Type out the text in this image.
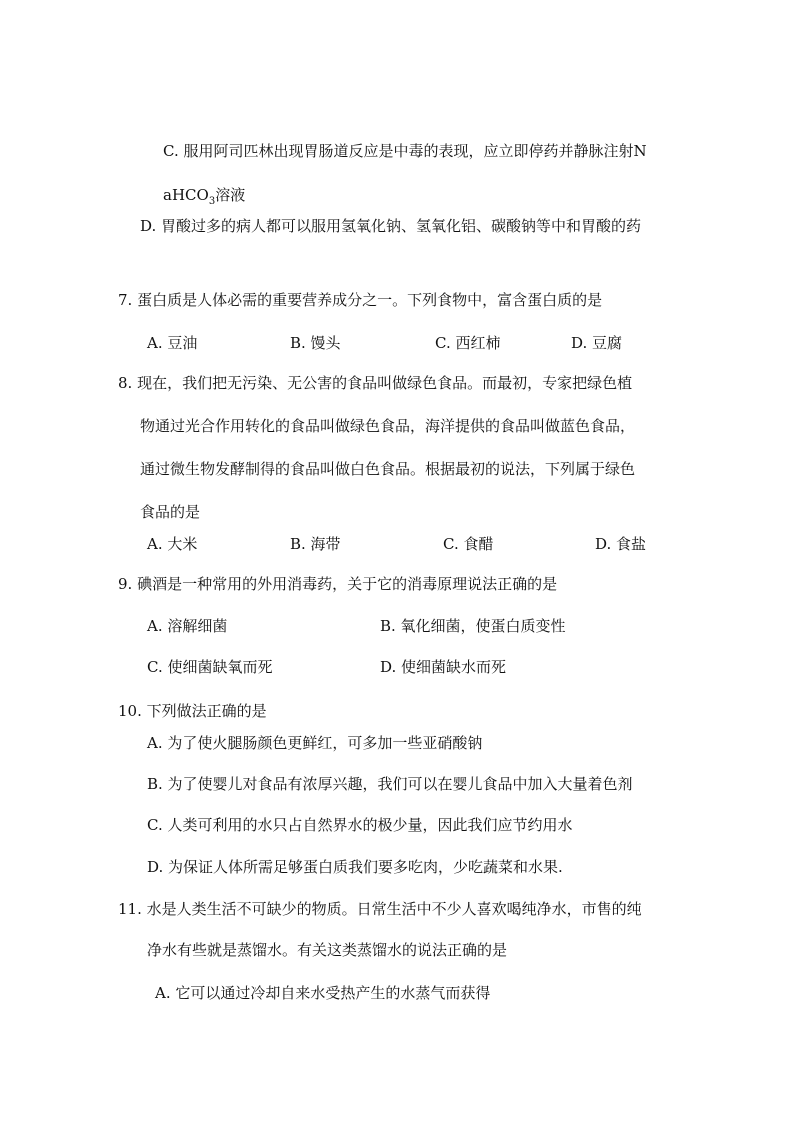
C. 服用阿司匹林出现胃肠道反应是中毒的表现，应立即停药并静脉注射N
aHCO$_3$溶液
D. 胃酸过多的病人都可以服用氢氧化钠、氢氧化铝、碳酸钠等中和胃酸的药
7. 蛋白质是人体必需的重要营养成分之一。下列食物中，富含蛋白质的是
A. 豆油	B. 馒头	C. 西红柿	D. 豆腐
8. 现在，我们把无污染、无公害的食品叫做绿色食品。而最初，专家把绿色植
物通过光合作用转化的食品叫做绿色食品，海洋提供的食品叫做蓝色食品，
通过微生物发酵制得的食品叫做白色食品。根据最初的说法，下列属于绿色
食品的是
A. 大米	B. 海带	C. 食醋	D. 食盐
9. 碘酒是一种常用的外用消毒药，关于它的消毒原理说法正确的是
A. 溶解细菌	B. 氧化细菌，使蛋白质变性
C. 使细菌缺氧而死	D. 使细菌缺水而死
10. 下列做法正确的是
A. 为了使火腿肠颜色更鲜红，可多加一些亚硝酸钠
B. 为了使婴儿对食品有浓厚兴趣，我们可以在婴儿食品中加入大量着色剂
C. 人类可利用的水只占自然界水的极少量，因此我们应节约用水
D. 为保证人体所需足够蛋白质我们要多吃肉，少吃蔬菜和水果.
11. 水是人类生活不可缺少的物质。日常生活中不少人喜欢喝纯净水，市售的纯
净水有些就是蒸馏水。有关这类蒸馏水的说法正确的是
A. 它可以通过冷却自来水受热产生的水蒸气而获得
